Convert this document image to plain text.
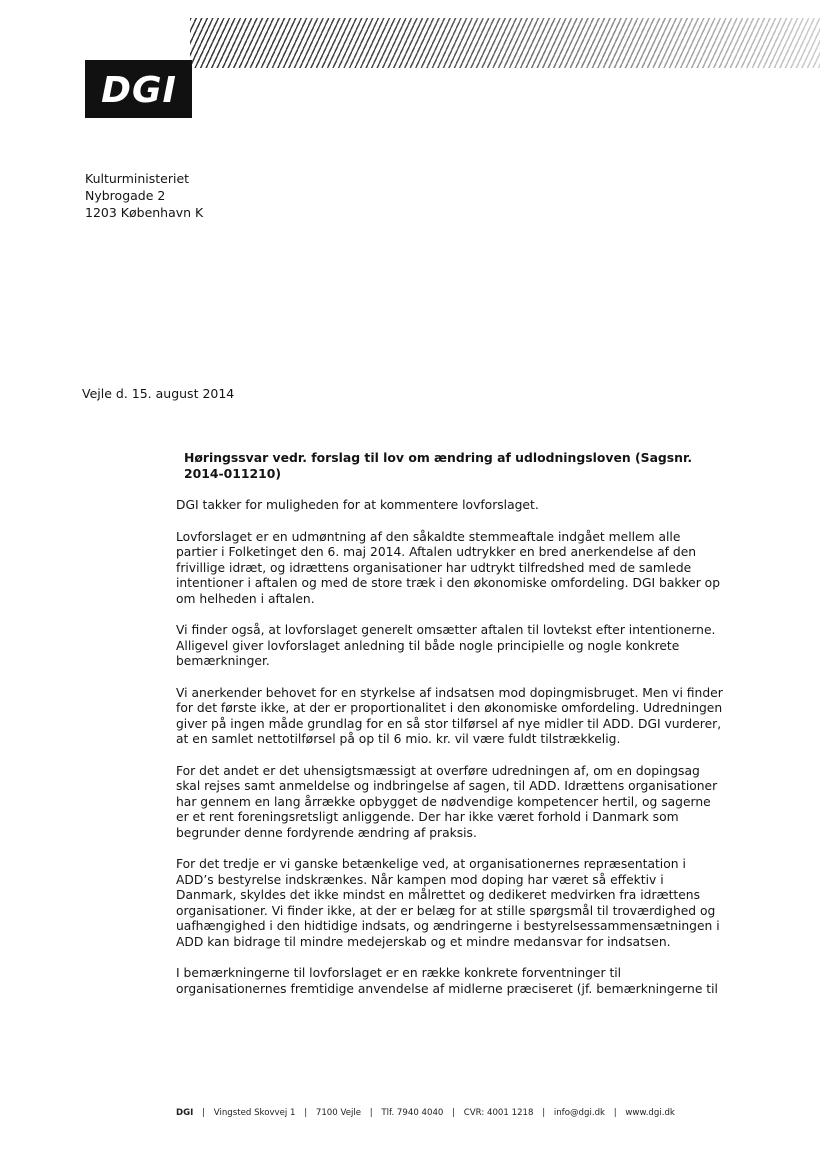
DGI
Kulturministeriet
Nybrogade 2
1203 København K
Vejle d. 15. august 2014
Høringssvar vedr. forslag til lov om ændring af udlodningsloven (Sagsnr. 2014-011210)

DGI takker for muligheden for at kommentere lovforslaget.

Lovforslaget er en udmøntning af den såkaldte stemmeaftale indgået mellem alle partier i Folketinget den 6. maj 2014. Aftalen udtrykker en bred anerkendelse af den frivillige idræt, og idrættens organisationer har udtrykt tilfredshed med de samlede intentioner i aftalen og med de store træk i den økonomiske omfordeling. DGI bakker op om helheden i aftalen.

Vi finder også, at lovforslaget generelt omsætter aftalen til lovtekst efter intentionerne. Alligevel giver lovforslaget anledning til både nogle principielle og nogle konkrete bemærkninger.

Vi anerkender behovet for en styrkelse af indsatsen mod dopingmisbruget. Men vi finder for det første ikke, at der er proportionalitet i den økonomiske omfordeling. Udredningen giver på ingen måde grundlag for en så stor tilførsel af nye midler til ADD. DGI vurderer, at en samlet nettotilførsel på op til 6 mio. kr. vil være fuldt tilstrækkelig.

For det andet er det uhensigtsmæssigt at overføre udredningen af, om en dopingsag skal rejses samt anmeldelse og indbringelse af sagen, til ADD. Idrættens organisationer har gennem en lang årrække opbygget de nødvendige kompetencer hertil, og sagerne er et rent foreningsretsligt anliggende. Der har ikke været forhold i Danmark som begrunder denne fordyrende ændring af praksis.

For det tredje er vi ganske betænkelige ved, at organisationernes repræsentation i ADD’s bestyrelse indskrænkes. Når kampen mod doping har været så effektiv i Danmark, skyldes det ikke mindst en målrettet og dedikeret medvirken fra idrættens organisationer. Vi finder ikke, at der er belæg for at stille spørgsmål til troværdighed og uafhængighed i den hidtidige indsats, og ændringerne i bestyrelsessammensætningen i ADD kan bidrage til mindre medejerskab og et mindre medansvar for indsatsen.

I bemærkningerne til lovforslaget er en række konkrete forventninger til organisationernes fremtidige anvendelse af midlerne præciseret (jf. bemærkningerne til

DGI | Vingsted Skovvej 1 | 7100 Vejle | Tlf. 7940 4040 | CVR: 4001 1218 | info@dgi.dk | www.dgi.dk
